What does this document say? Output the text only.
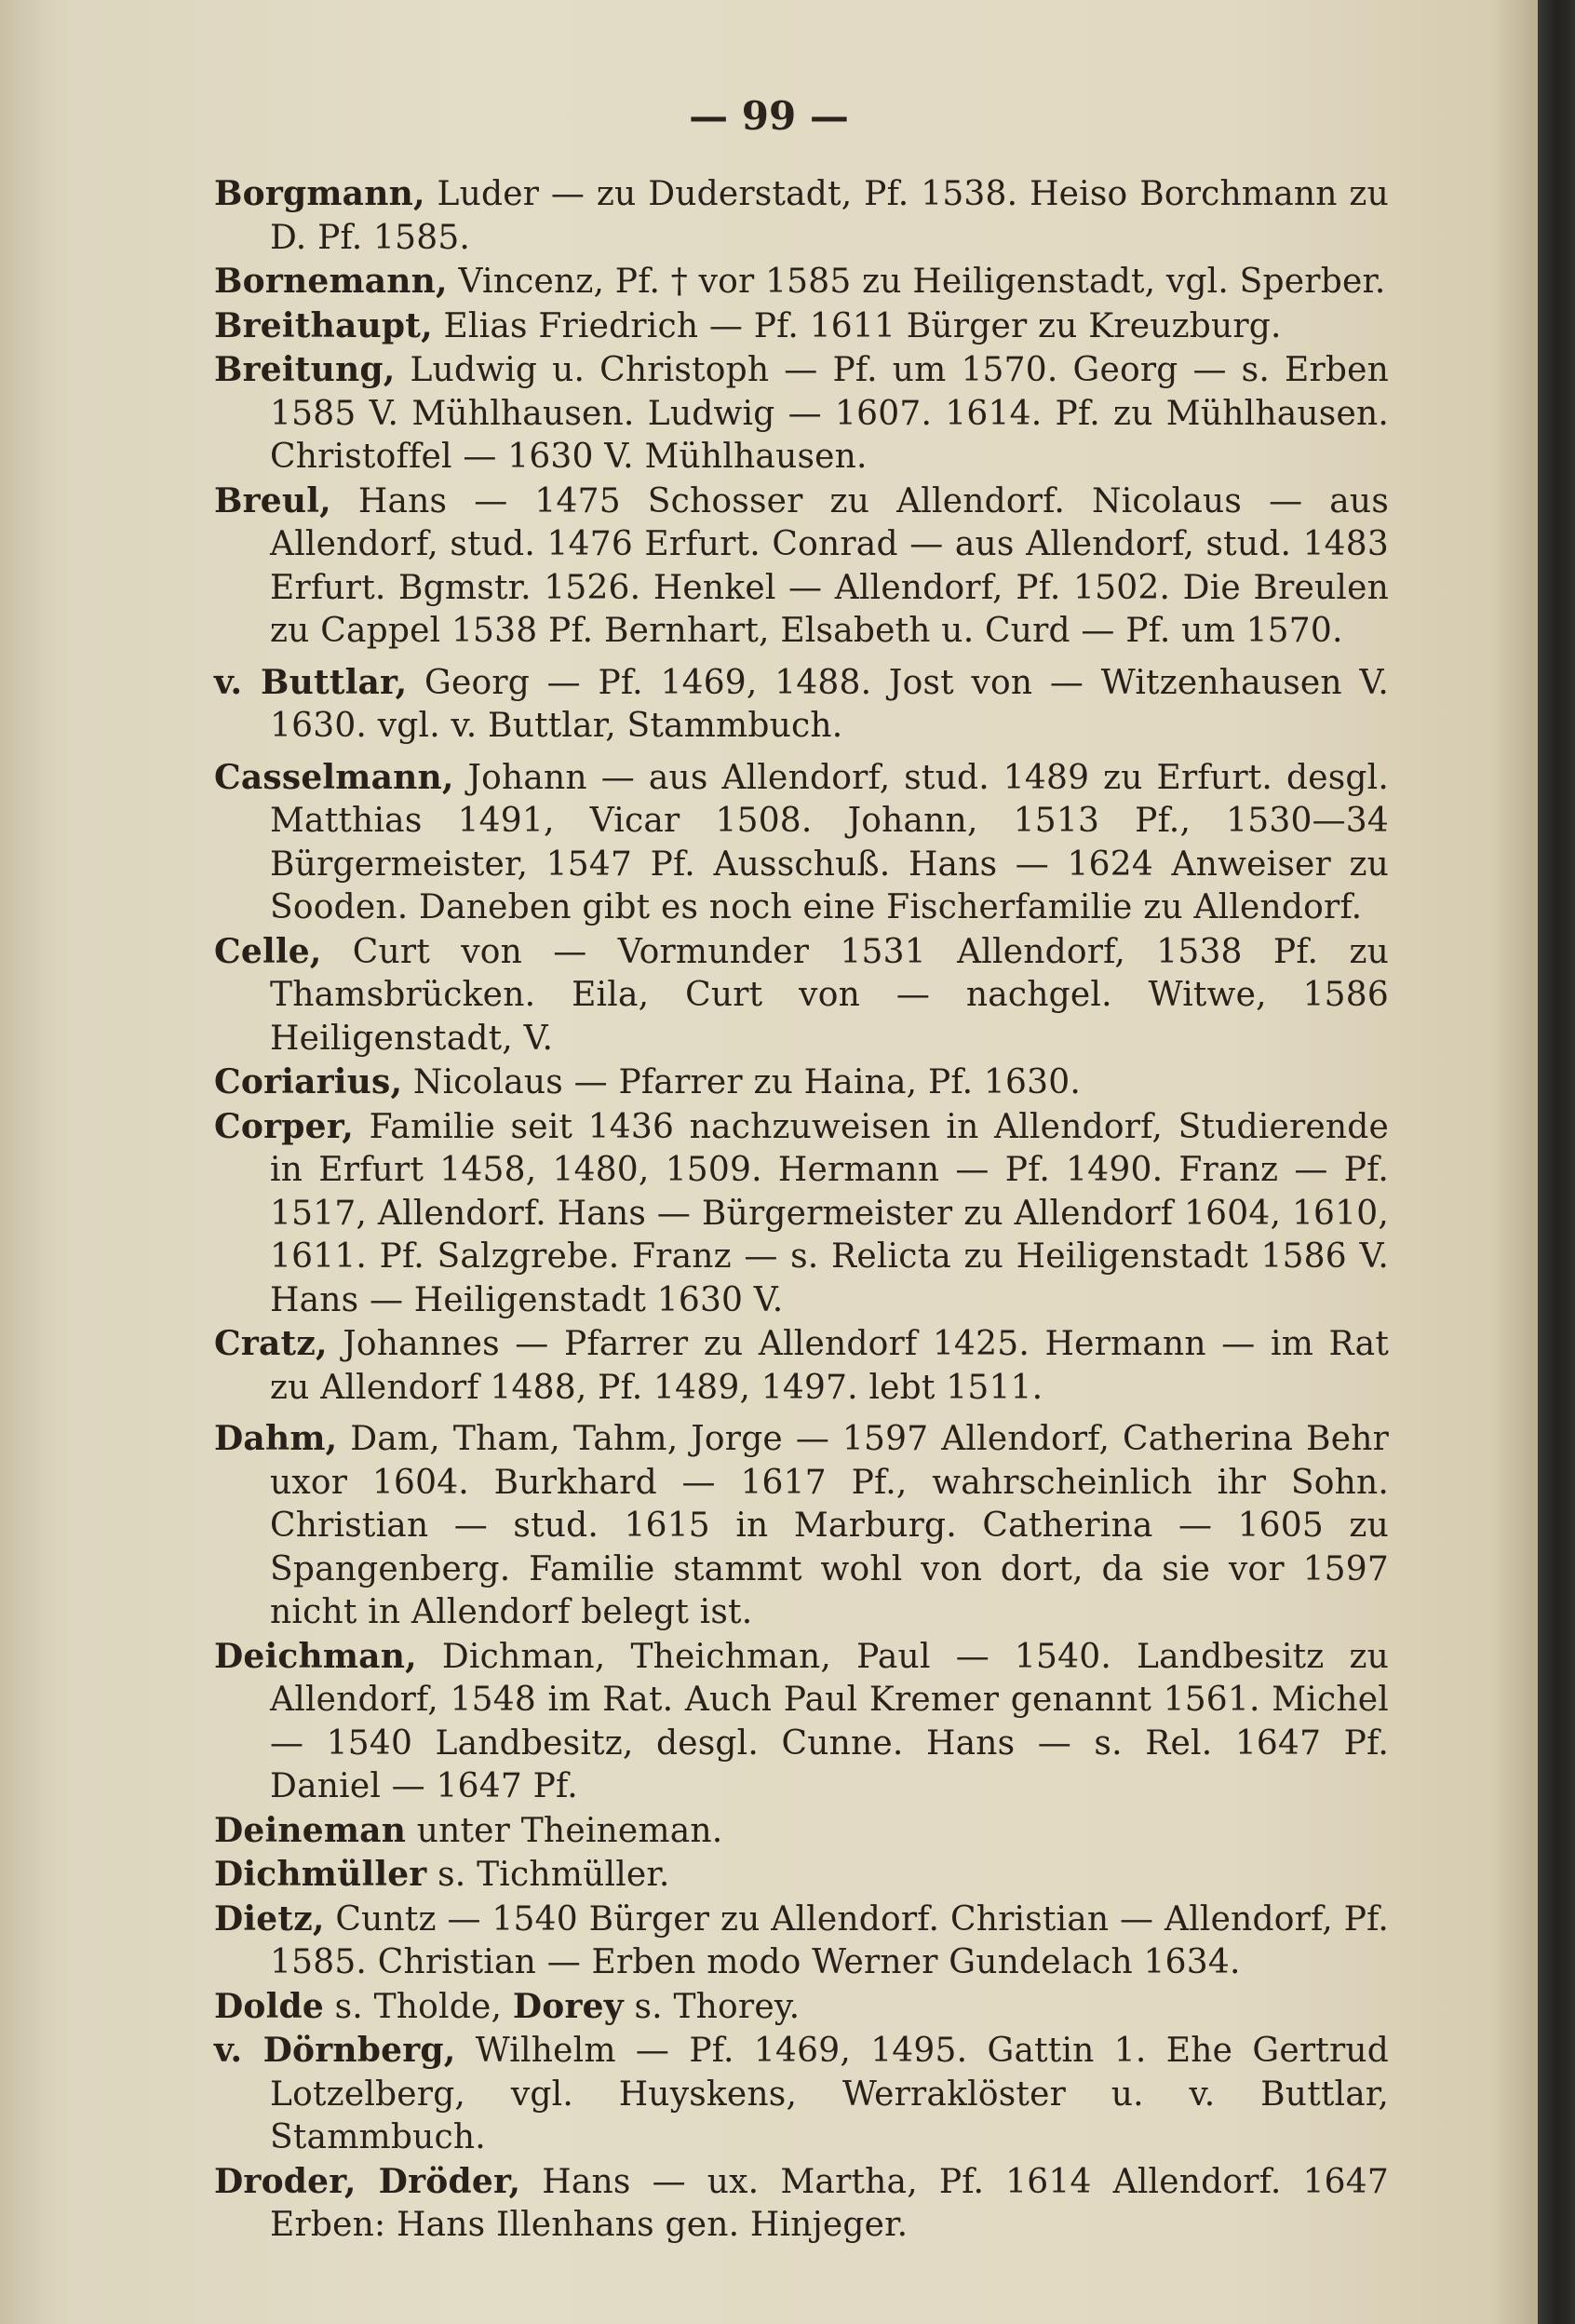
— 99 —
Borgmann, Luder — zu Duderstadt, Pf. 1538. Heiso Borchmann zu D. Pf. 1585.
Bornemann, Vincenz, Pf. † vor 1585 zu Heiligenstadt, vgl. Sperber.
Breithaupt, Elias Friedrich — Pf. 1611 Bürger zu Kreuzburg.
Breitung, Ludwig u. Christoph — Pf. um 1570. Georg — s. Erben 1585 V. Mühlhausen. Ludwig — 1607. 1614. Pf. zu Mühlhausen. Christoffel — 1630 V. Mühlhausen.
Breul, Hans — 1475 Schosser zu Allendorf. Nicolaus — aus Allendorf, stud. 1476 Erfurt. Conrad — aus Allendorf, stud. 1483 Erfurt. Bgmstr. 1526. Henkel — Allendorf, Pf. 1502. Die Breulen zu Cappel 1538 Pf. Bernhart, Elsabeth u. Curd — Pf. um 1570.
v. Buttlar, Georg — Pf. 1469, 1488. Jost von — Witzenhausen V. 1630. vgl. v. Buttlar, Stammbuch.
Casselmann, Johann — aus Allendorf, stud. 1489 zu Erfurt. desgl. Matthias 1491, Vicar 1508. Johann, 1513 Pf., 1530—34 Bürgermeister, 1547 Pf. Ausschuß. Hans — 1624 Anweiser zu Sooden. Daneben gibt es noch eine Fischerfamilie zu Allendorf.
Celle, Curt von — Vormunder 1531 Allendorf, 1538 Pf. zu Thamsbrücken. Eila, Curt von — nachgel. Witwe, 1586 Heiligenstadt, V.
Coriarius, Nicolaus — Pfarrer zu Haina, Pf. 1630.
Corper, Familie seit 1436 nachzuweisen in Allendorf, Studierende in Erfurt 1458, 1480, 1509. Hermann — Pf. 1490. Franz — Pf. 1517, Allendorf. Hans — Bürgermeister zu Allendorf 1604, 1610, 1611. Pf. Salzgrebe. Franz — s. Relicta zu Heiligenstadt 1586 V. Hans — Heiligenstadt 1630 V.
Cratz, Johannes — Pfarrer zu Allendorf 1425. Hermann — im Rat zu Allendorf 1488, Pf. 1489, 1497. lebt 1511.
Dahm, Dam, Tham, Tahm, Jorge — 1597 Allendorf, Catherina Behr uxor 1604. Burkhard — 1617 Pf., wahrscheinlich ihr Sohn. Christian — stud. 1615 in Marburg. Catherina — 1605 zu Spangenberg. Familie stammt wohl von dort, da sie vor 1597 nicht in Allendorf belegt ist.
Deichman, Dichman, Theichman, Paul — 1540. Landbesitz zu Allendorf, 1548 im Rat. Auch Paul Kremer genannt 1561. Michel — 1540 Landbesitz, desgl. Cunne. Hans — s. Rel. 1647 Pf. Daniel — 1647 Pf.
Deineman unter Theineman.
Dichmüller s. Tichmüller.
Dietz, Cuntz — 1540 Bürger zu Allendorf. Christian — Allendorf, Pf. 1585. Christian — Erben modo Werner Gundelach 1634.
Dolde s. Tholde, Dorey s. Thorey.
v. Dörnberg, Wilhelm — Pf. 1469, 1495. Gattin 1. Ehe Gertrud Lotzelberg, vgl. Huyskens, Werraklöster u. v. Buttlar, Stammbuch.
Droder, Dröder, Hans — ux. Martha, Pf. 1614 Allendorf. 1647 Erben: Hans Illenhans gen. Hinjeger.
